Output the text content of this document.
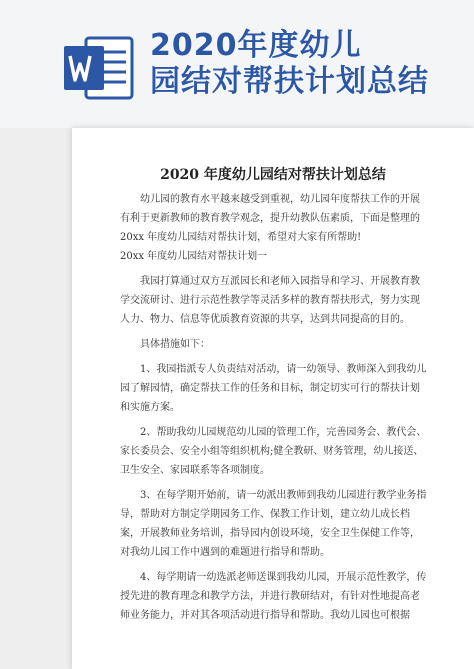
2020年度幼儿
园结对帮扶计划总结
2020 年度幼儿园结对帮扶计划总结

幼儿园的教育水平越来越受到重视，幼儿园年度帮扶工作的开展有利于更新教师的教育教学观念，提升幼教队伍素质，下面是整理的 20xx 年度幼儿园结对帮扶计划，希望对大家有所帮助!

20xx 年度幼儿园结对帮扶计划一

我园打算通过双方互派园长和老师入园指导和学习、开展教育教学交流研讨、进行示范性教学等灵活多样的教育帮扶形式，努力实现人力、物力、信息等优质教育资源的共享，达到共同提高的目的。

具体措施如下：

1、我园指派专人负责结对活动，请一幼领导、教师深入到我幼儿园了解园情，确定帮扶工作的任务和目标，制定切实可行的帮扶计划和实施方案。

2、帮助我幼儿园规范幼儿园的管理工作，完善园务会、教代会、家长委员会、安全小组等组织机构;健全教研、财务管理，幼儿接送、卫生安全、家园联系等各项制度。

3、在每学期开始前，请一幼派出教师到我幼儿园进行教学业务指导，帮助对方制定学期园务工作、保教工作计划，建立幼儿成长档案，开展教师业务培训，指导园内创设环境，安全卫生保健工作等，对我幼儿园工作中遇到的难题进行指导和帮助。

4、每学期请一幼选派老师送课到我幼儿园，开展示范性教学，传授先进的教育理念和教学方法，并进行教研结对，有针对性地提高老师业务能力，并对其各项活动进行指导和帮助。我幼儿园也可根据
